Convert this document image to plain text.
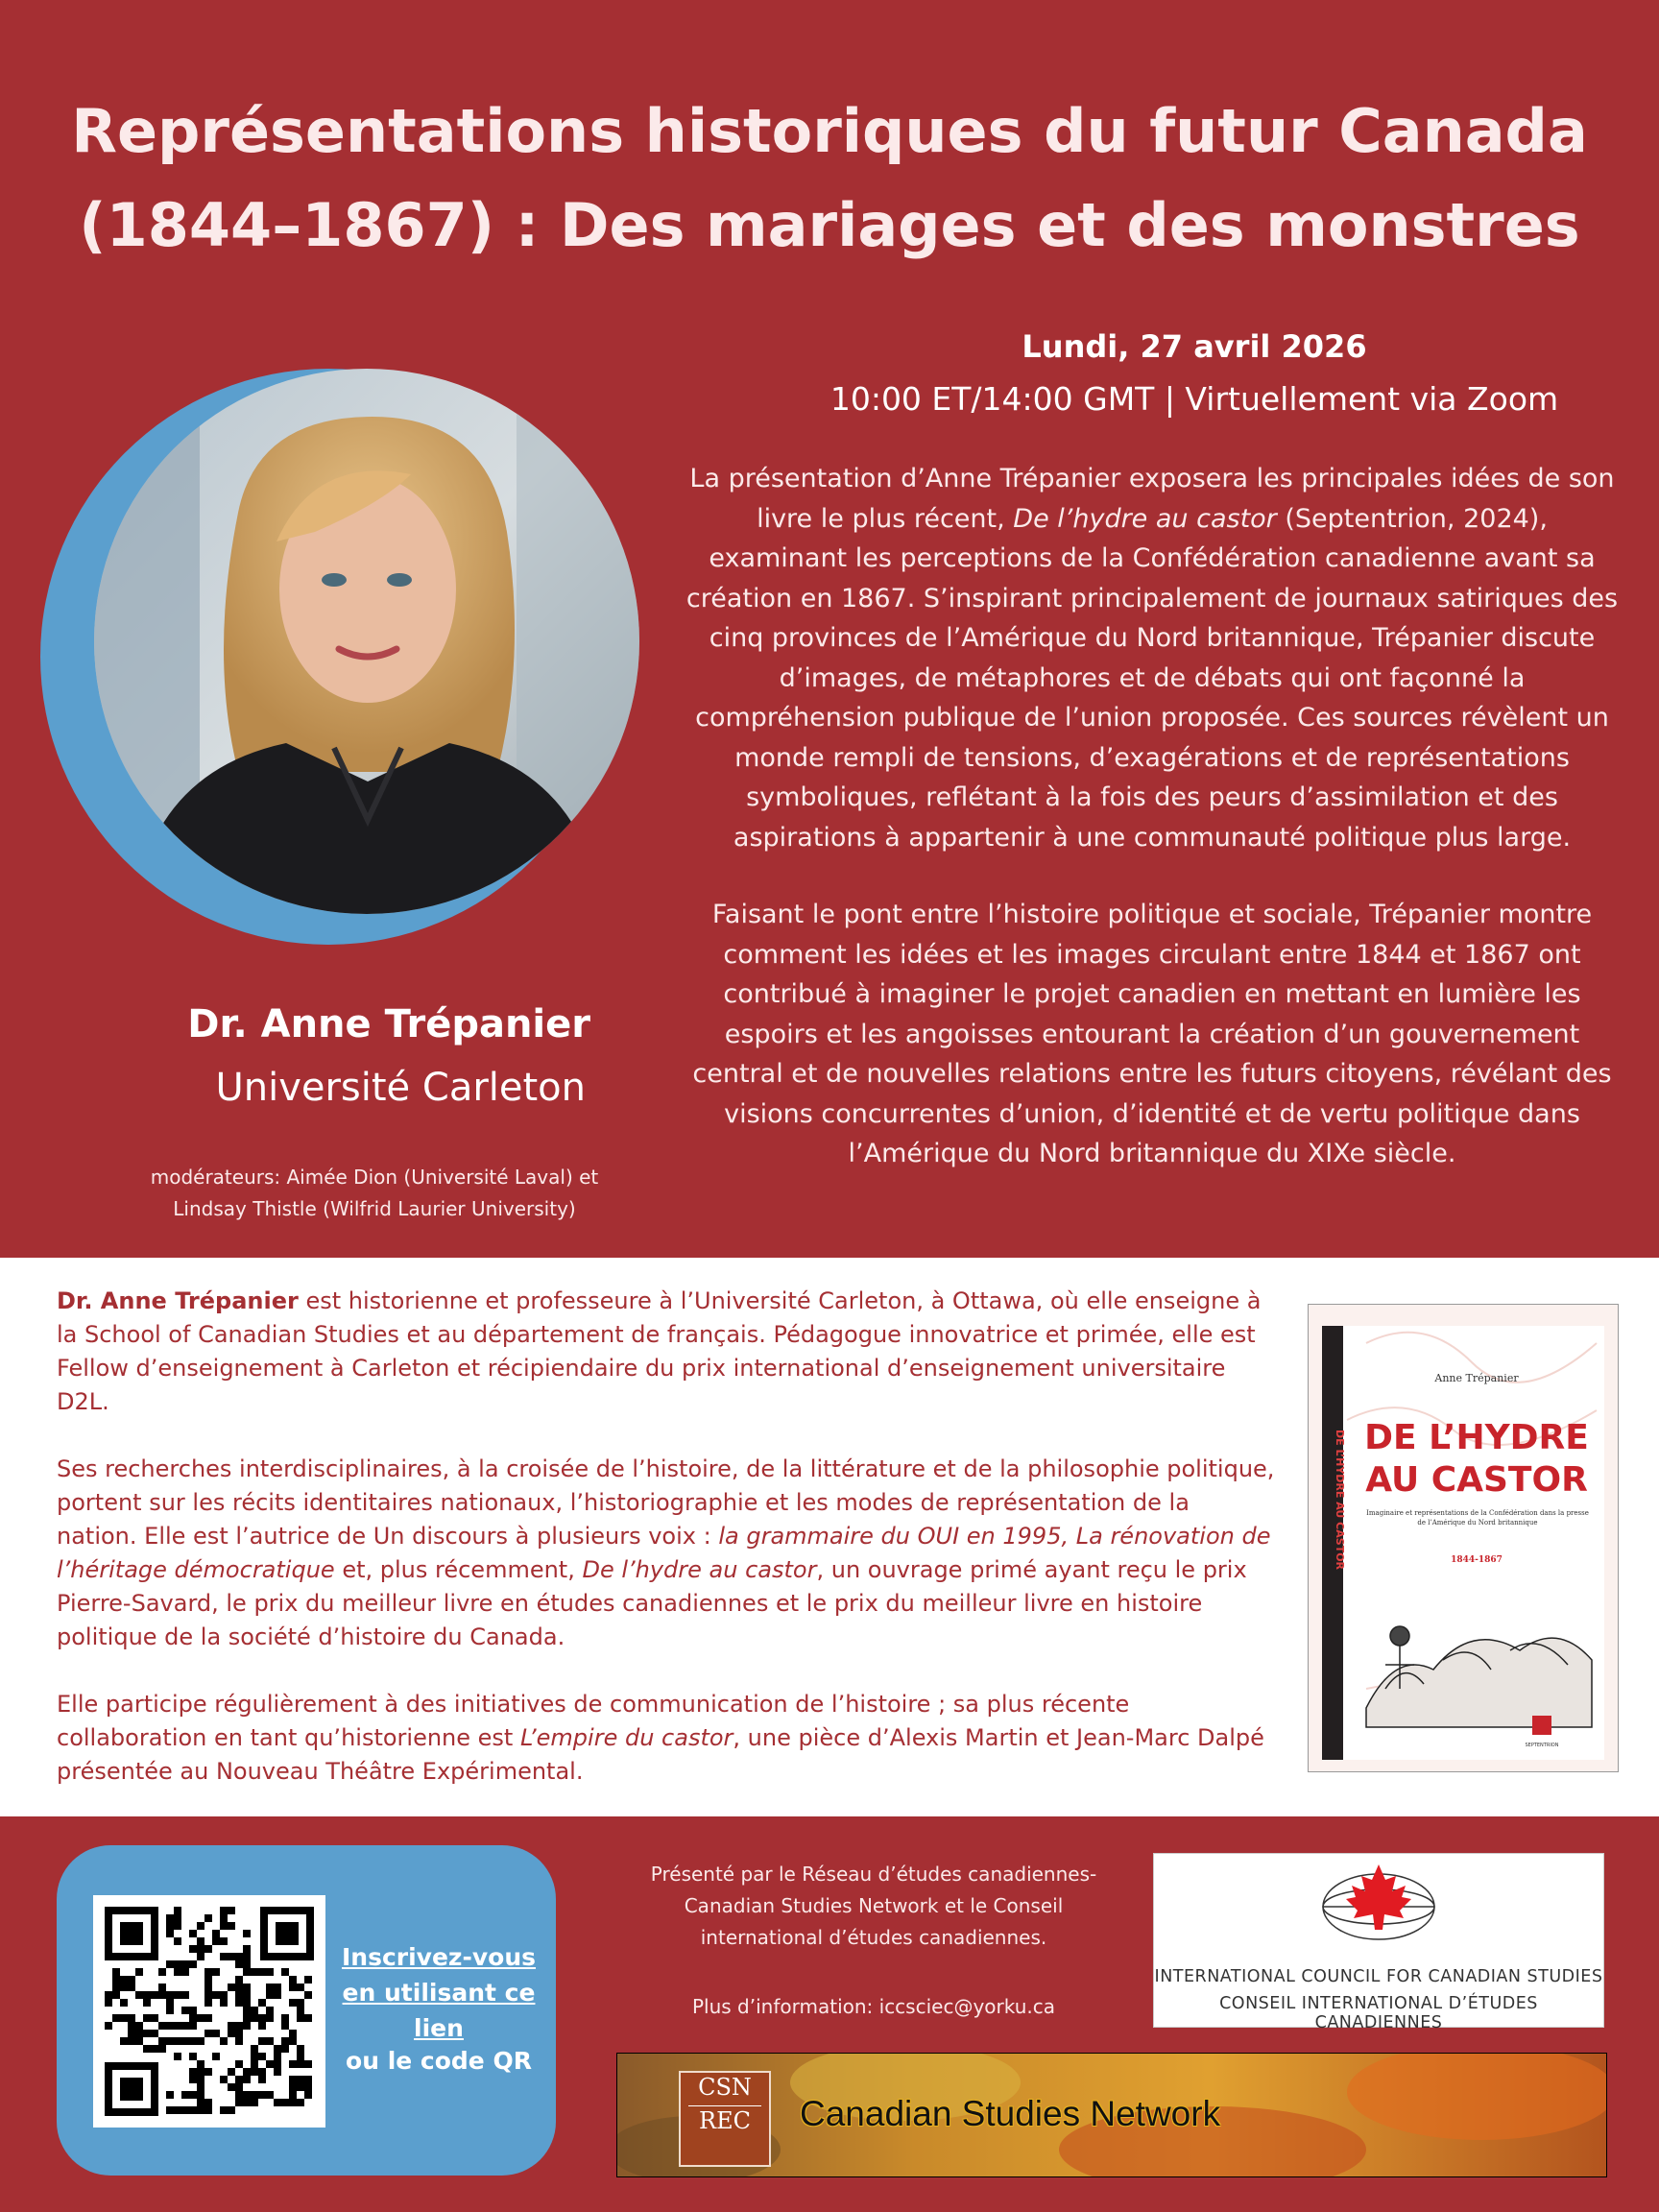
Représentations historiques du futur Canada
(1844–1867) : Des mariages et des monstres
Lundi, 27 avril 2026
10:00 ET/14:00 GMT | Virtuellement via Zoom

La présentation d’Anne Trépanier exposera les principales idées de son livre le plus récent, De l’hydre au castor (Septentrion, 2024), examinant les perceptions de la Confédération canadienne avant sa création en 1867. S’inspirant principalement de journaux satiriques des cinq provinces de l’Amérique du Nord britannique, Trépanier discute d’images, de métaphores et de débats qui ont façonné la compréhension publique de l’union proposée. Ces sources révèlent un monde rempli de tensions, d’exagérations et de représentations symboliques, reflétant à la fois des peurs d’assimilation et des aspirations à appartenir à une communauté politique plus large.

Faisant le pont entre l’histoire politique et sociale, Trépanier montre comment les idées et les images circulant entre 1844 et 1867 ont contribué à imaginer le projet canadien en mettant en lumière les espoirs et les angoisses entourant la création d’un gouvernement central et de nouvelles relations entre les futurs citoyens, révélant des visions concurrentes d’union, d’identité et de vertu politique dans l’Amérique du Nord britannique du XIXe siècle.

Dr. Anne Trépanier
Université Carleton
modérateurs: Aimée Dion (Université Laval) et
Lindsay Thistle (Wilfrid Laurier University)

Dr. Anne Trépanier est historienne et professeure à l’Université Carleton, à Ottawa, où elle enseigne à la School of Canadian Studies et au département de français. Pédagogue innovatrice et primée, elle est Fellow d’enseignement à Carleton et récipiendaire du prix international d’enseignement universitaire D2L.

Ses recherches interdisciplinaires, à la croisée de l’histoire, de la littérature et de la philosophie politique, portent sur les récits identitaires nationaux, l’historiographie et les modes de représentation de la nation. Elle est l’autrice de Un discours à plusieurs voix : la grammaire du OUI en 1995, La rénovation de l’héritage démocratique et, plus récemment, De l’hydre au castor, un ouvrage primé ayant reçu le prix Pierre-Savard, le prix du meilleur livre en études canadiennes et le prix du meilleur livre en histoire politique de la société d’histoire du Canada.

Elle participe régulièrement à des initiatives de communication de l’histoire ; sa plus récente collaboration en tant qu’historienne est L’empire du castor, une pièce d’Alexis Martin et Jean-Marc Dalpé présentée au Nouveau Théâtre Expérimental.

Anne Trépanier
DE L’HYDRE
AU CASTOR
Imaginaire et représentations de la Confédération dans la presse de l’Amérique du Nord britannique
1844-1867
SEPTENTRION
DE L’HYDRE AU CASTOR
Inscrivez-vous en utilisant ce lien
ou le code QR
Présenté par le Réseau d’études canadiennes-
Canadian Studies Network et le Conseil
international d’études canadiennes.
Plus d’information: iccsciec@yorku.ca
INTERNATIONAL COUNCIL FOR CANADIAN STUDIES
CONSEIL INTERNATIONAL D’ÉTUDES CANADIENNES
CSN
REC Canadian Studies Network
